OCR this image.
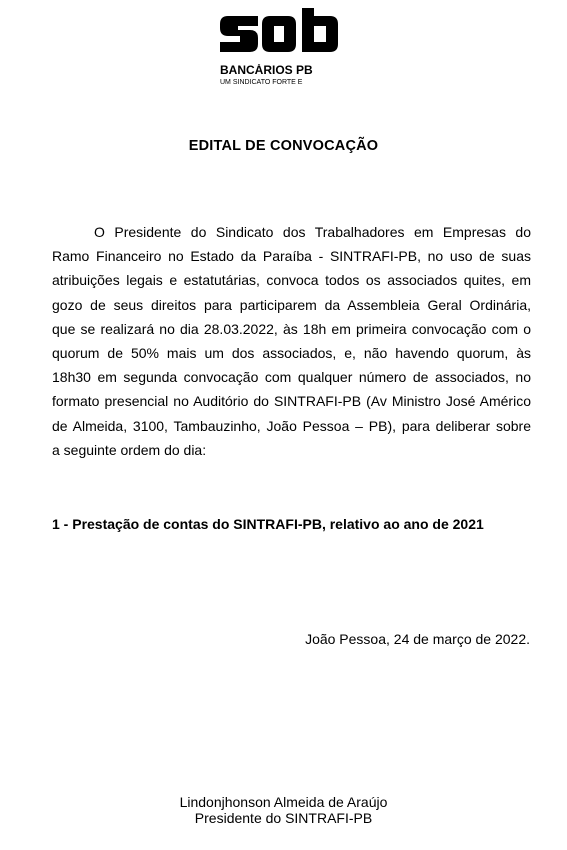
BANCÁRIOS PB
UM SINDICATO FORTE E
EDITAL DE CONVOCAÇÃO
O Presidente do Sindicato dos Trabalhadores em Empresas do
Ramo Financeiro no Estado da Paraíba - SINTRAFI-PB, no uso de suas
atribuições legais e estatutárias, convoca todos os associados quites, em
gozo de seus direitos para participarem da Assembleia Geral Ordinária,
que se realizará no dia 28.03.2022, às 18h em primeira convocação com o
quorum de 50% mais um dos associados, e, não havendo quorum, às
18h30 em segunda convocação com qualquer número de associados, no
formato presencial no Auditório do SINTRAFI-PB (Av Ministro José Américo
de Almeida, 3100, Tambauzinho, João Pessoa – PB), para deliberar sobre
a seguinte ordem do dia:
1 - Prestação de contas do SINTRAFI-PB, relativo ao ano de 2021
João Pessoa, 24 de março de 2022.
Lindonjhonson Almeida de Araújo
Presidente do SINTRAFI-PB
